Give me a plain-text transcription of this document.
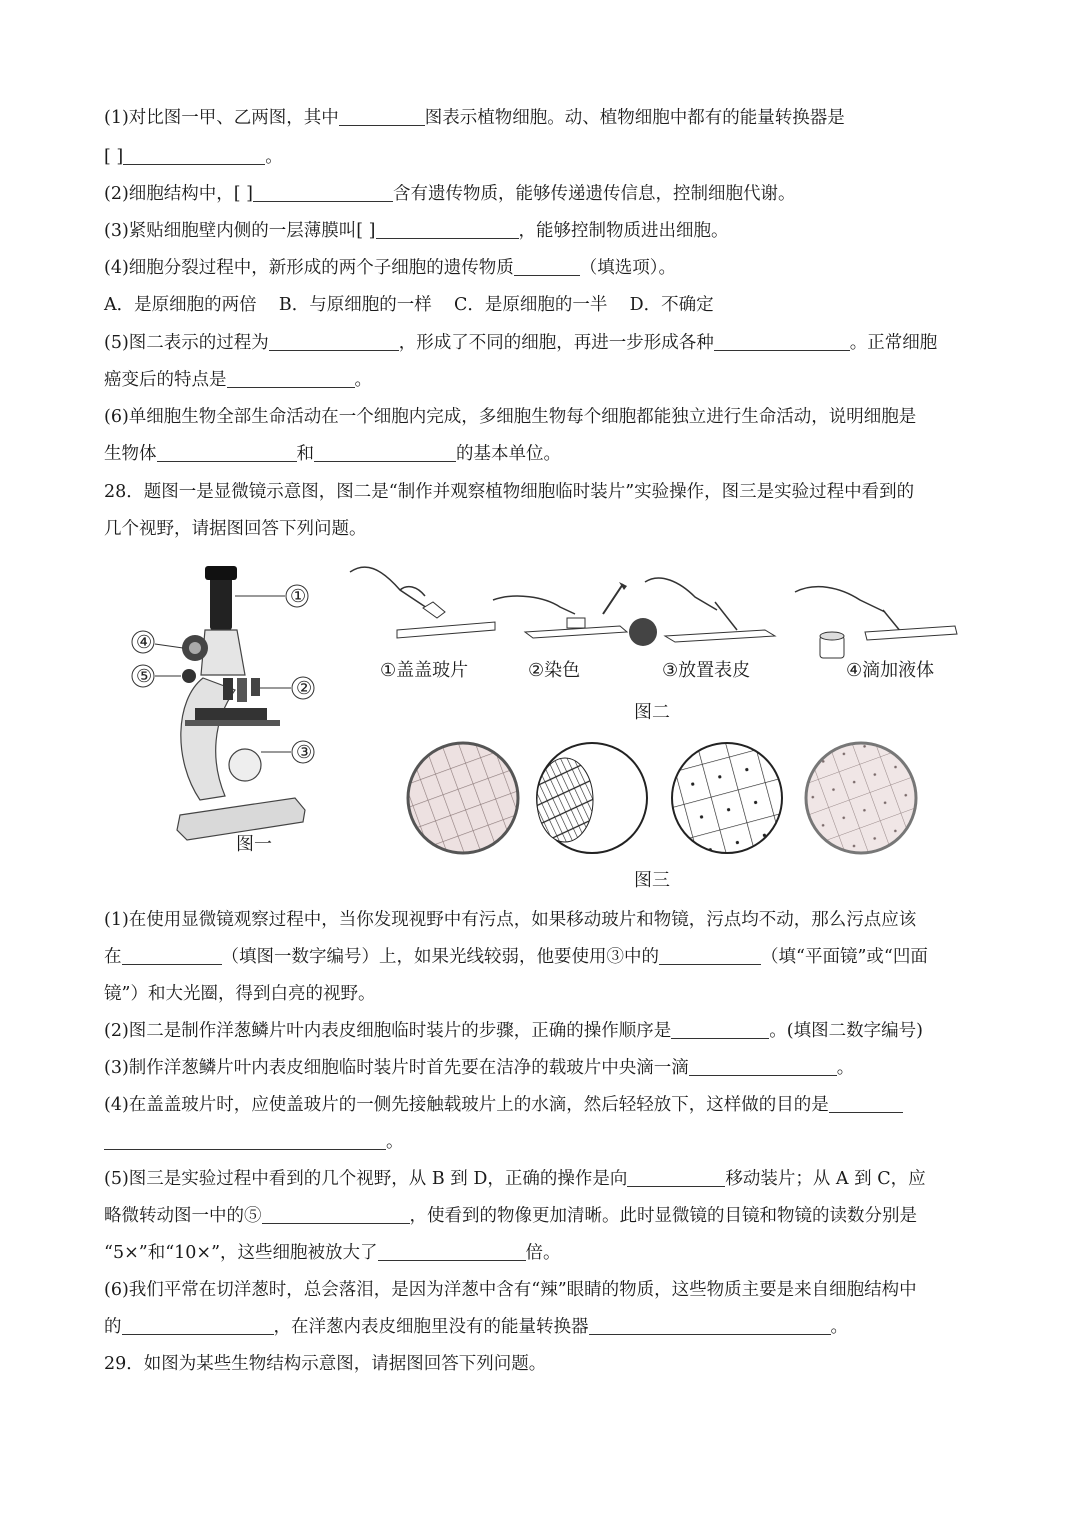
(1)对比图一甲、乙两图，其中	图表示植物细胞。动、植物细胞中都有的能量转换器是
[ ]	。
(2)细胞结构中，[ ]	含有遗传物质，能够传递遗传信息，控制细胞代谢。
(3)紧贴细胞壁内侧的一层薄膜叫[ ]	，能够控制物质进出细胞。
(4)细胞分裂过程中，新形成的两个子细胞的遗传物质	（填选项）。
A．是原细胞的两倍    B．与原细胞的一样    C．是原细胞的一半    D．不确定
(5)图二表示的过程为	，形成了不同的细胞，再进一步形成各种	。正常细胞
癌变后的特点是	。
(6)单细胞生物全部生命活动在一个细胞内完成，多细胞生物每个细胞都能独立进行生命活动，说明细胞是
生物体	和	的基本单位。
28．题图一是显微镜示意图，图二是“制作并观察植物细胞临时装片”实验操作，图三是实验过程中看到的
几个视野，请据图回答下列问题。
①
②
③
④
⑤
图一
①盖盖玻片	②染色	③放置表皮	④滴加液体
图二
图三
(1)在使用显微镜观察过程中，当你发现视野中有污点，如果移动玻片和物镜，污点均不动，那么污点应该
在	（填图一数字编号）上，如果光线较弱，他要使用③中的	（填“平面镜”或“凹面
镜”）和大光圈，得到白亮的视野。
(2)图二是制作洋葱鳞片叶内表皮细胞临时装片的步骤，正确的操作顺序是	。(填图二数字编号)
(3)制作洋葱鳞片叶内表皮细胞临时装片时首先要在洁净的载玻片中央滴一滴	。
(4)在盖盖玻片时，应使盖玻片的一侧先接触载玻片上的水滴，然后轻轻放下，这样做的目的是
。
(5)图三是实验过程中看到的几个视野，从 B 到 D，正确的操作是向	移动装片；从 A 到 C，应
略微转动图一中的⑤	，使看到的物像更加清晰。此时显微镜的目镜和物镜的读数分别是
“5×”和“10×”，这些细胞被放大了	倍。
(6)我们平常在切洋葱时，总会落泪，是因为洋葱中含有“辣”眼睛的物质，这些物质主要是来自细胞结构中
的	，在洋葱内表皮细胞里没有的能量转换器	。
29．如图为某些生物结构示意图，请据图回答下列问题。
